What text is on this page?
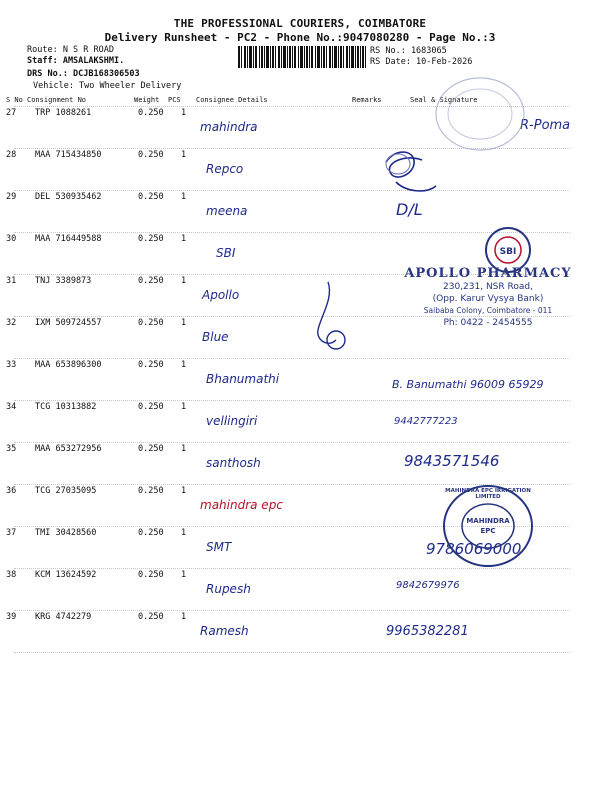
THE PROFESSIONAL COURIERS, COIMBATORE
Delivery Runsheet - PC2 - Phone No.:9047080280 - Page No.:3
Route: N S R ROAD
Staff: AMSALAKSHMI.
DRS No.: DCJB168306503
Vehicle: Two Wheeler Delivery
RS No.: 1683065
RS Date: 10-Feb-2026
S No Consignment No	Weight PCS Consignee Details	Remarks	Seal & Signature
27 TRP 1088261	0.250 1
mahindra	R-Poma
28 MAA 715434850	0.250 1
Repco
29 DEL 530935462	0.250 1
meena	D/L
30 MAA 716449588	0.250 1
SBI
31 TNJ 3389873	0.250 1
Apollo
32 IXM 509724557	0.250 1
Blue
33 MAA 653896300	0.250 1
Bhanumathi	B. Banumathi 96009 65929
34 TCG 10313882	0.250 1
vellingiri	9442777223
35 MAA 653272956	0.250 1
santhosh	9843571546
36 TCG 27035095	0.250 1
mahindra epc
37 TMI 30428560	0.250 1
SMT	9786069000
38 KCM 13624592	0.250 1
Rupesh	9842679976
39 KRG 4742279	0.250 1
Ramesh	9965382281
SBI
APOLLO PHARMACY
230,231, NSR Road,
(Opp. Karur Vysya Bank)
Saibaba Colony, Coimbatore - 011
Ph: 0422 - 2454555
MAHINDRA EPC IRRIGATION LIMITED
MAHINDRA EPC
